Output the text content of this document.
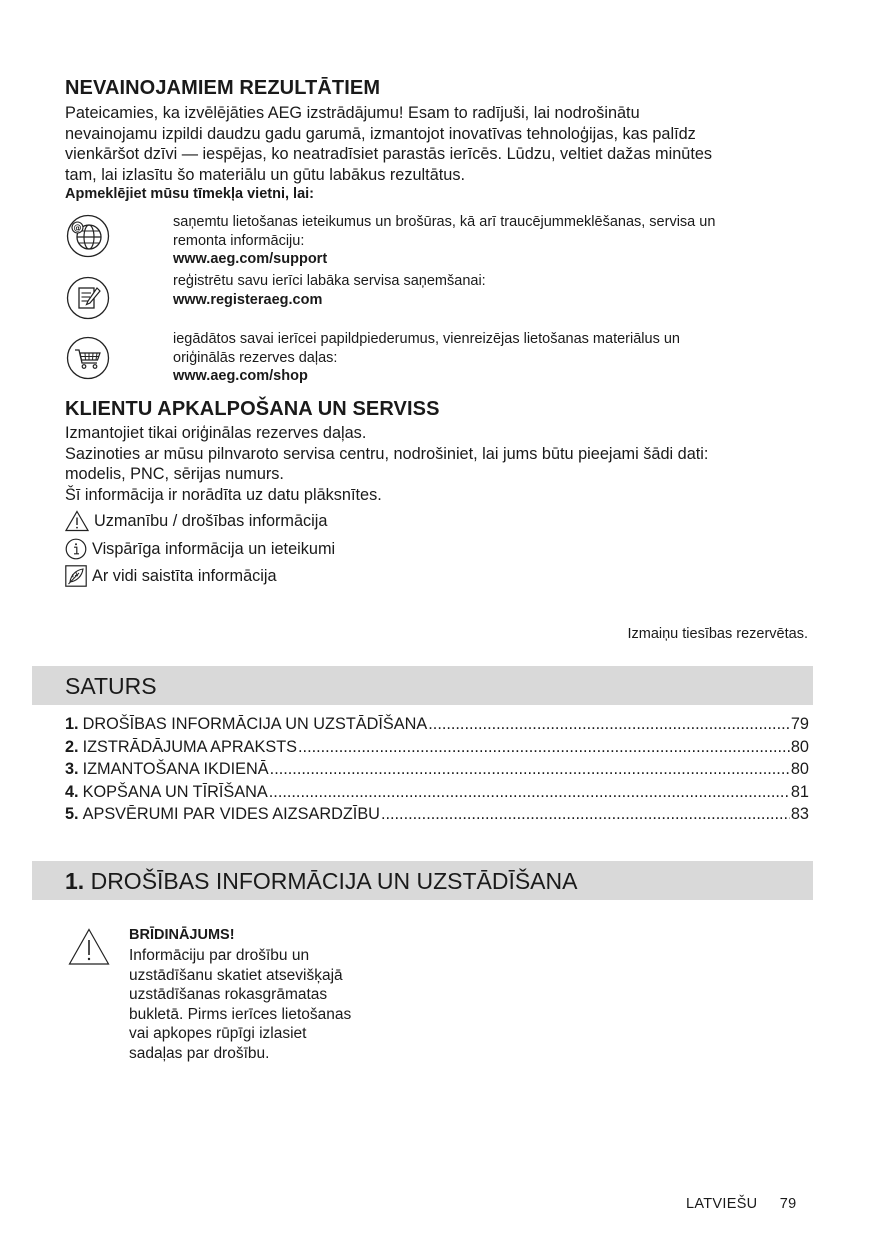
NEVAINOJAMIEM REZULTĀTIEM
Pateicamies, ka izvēlējāties AEG izstrādājumu! Esam to radījuši, lai nodrošinātu
nevainojamu izpildi daudzu gadu garumā, izmantojot inovatīvas tehnoloģijas, kas palīdz
vienkāršot dzīvi — iespējas, ko neatradīsiet parastās ierīcēs. Lūdzu, veltiet dažas minūtes
tam, lai izlasītu šo materiālu un gūtu labākus rezultātus.
Apmeklējiet mūsu tīmekļa vietni, lai:
@	saņemtu lietošanas ieteikumus un brošūras, kā arī traucējummeklēšanas, servisa un
remonta informāciju:
www.aeg.com/support
reģistrētu savu ierīci labāka servisa saņemšanai:
www.registeraeg.com
iegādātos savai ierīcei papildpiederumus, vienreizējas lietošanas materiālus un
oriģinālās rezerves daļas:
www.aeg.com/shop
KLIENTU APKALPOŠANA UN SERVISS
Izmantojiet tikai oriģinālas rezerves daļas.
Sazinoties ar mūsu pilnvaroto servisa centru, nodrošiniet, lai jums būtu pieejami šādi dati:
modelis, PNC, sērijas numurs.
Šī informācija ir norādīta uz datu plāksnītes.
Uzmanību / drošības informācija
Vispārīga informācija un ieteikumi
Ar vidi saistīta informācija
Izmaiņu tiesības rezervētas.
SATURS
1. DROŠĪBAS INFORMĀCIJA UN UZSTĀDĪŠANA .....	79
2. IZSTRĀDĀJUMA APRAKSTS .....	80
3. IZMANTOŠANA IKDIENĀ .....	80
4. KOPŠANA UN TĪRĪŠANA .....	81
5. APSVĒRUMI PAR VIDES AIZSARDZĪBU .....	83
1. DROŠĪBAS INFORMĀCIJA UN UZSTĀDĪŠANA
BRĪDINĀJUMS!
Informāciju par drošību un
uzstādīšanu skatiet atsevišķajā
uzstādīšanas rokasgrāmatas
bukletā. Pirms ierīces lietošanas
vai apkopes rūpīgi izlasiet
sadaļas par drošību.
LATVIEŠU 79
